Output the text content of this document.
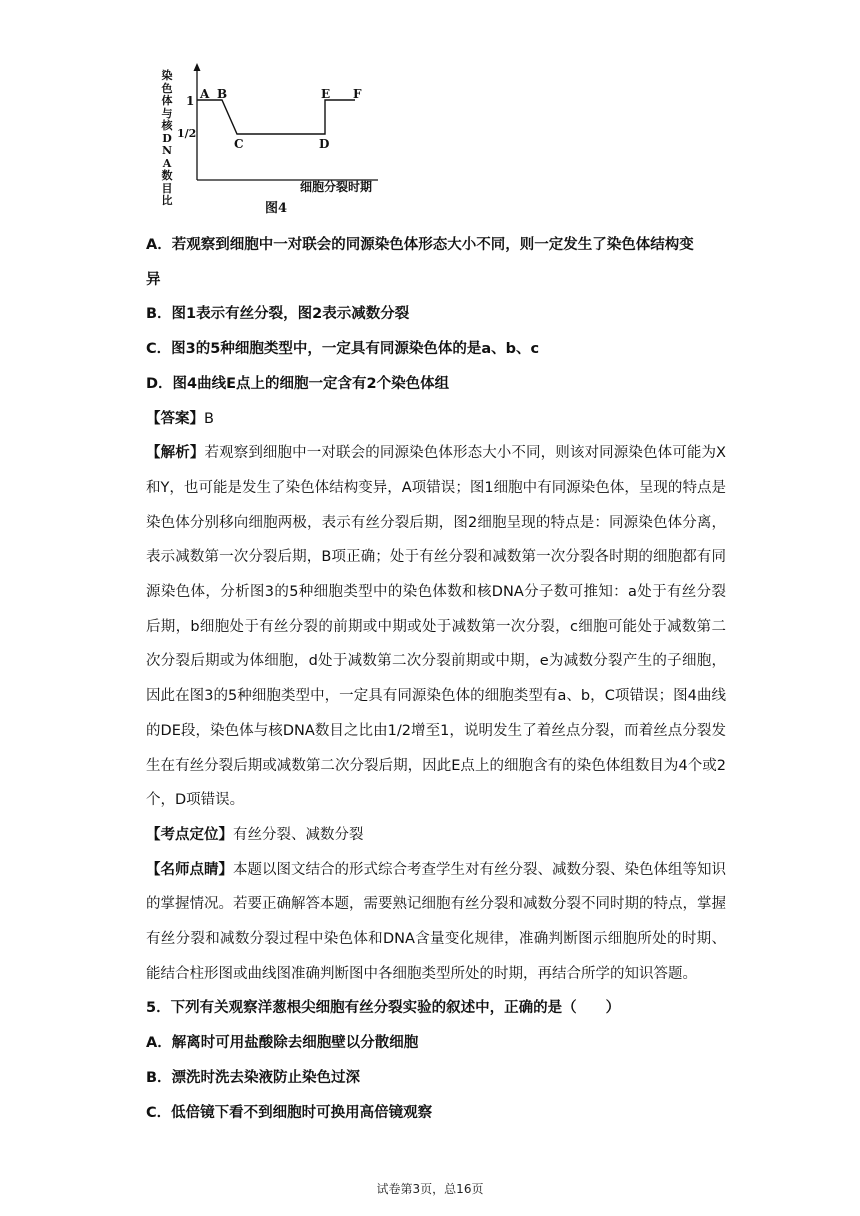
染色体与核DNA数目比
1
1/2
A B
C	D
E F
细胞分裂时期
图4
A．若观察到细胞中一对联会的同源染色体形态大小不同，则一定发生了染色体结构变
异
B．图1表示有丝分裂，图2表示减数分裂
C．图3的5种细胞类型中，一定具有同源染色体的是a、b、c
D．图4曲线E点上的细胞一定含有2个染色体组
【答案】B
【解析】若观察到细胞中一对联会的同源染色体形态大小不同，则该对同源染色体可能为X和Y，也可能是发生了染色体结构变异，A项错误；图1细胞中有同源染色体，呈现的特点是染色体分别移向细胞两极，表示有丝分裂后期，图2细胞呈现的特点是：同源染色体分离，表示减数第一次分裂后期，B项正确；处于有丝分裂和减数第一次分裂各时期的细胞都有同源染色体，分析图3的5种细胞类型中的染色体数和核DNA分子数可推知：a处于有丝分裂后期，b细胞处于有丝分裂的前期或中期或处于减数第一次分裂，c细胞可能处于减数第二次分裂后期或为体细胞，d处于减数第二次分裂前期或中期，e为减数分裂产生的子细胞，因此在图3的5种细胞类型中，一定具有同源染色体的细胞类型有a、b，C项错误；图4曲线的DE段，染色体与核DNA数目之比由1/2增至1，说明发生了着丝点分裂，而着丝点分裂发生在有丝分裂后期或减数第二次分裂后期，因此E点上的细胞含有的染色体组数目为4个或2个，D项错误。
【考点定位】有丝分裂、减数分裂
【名师点睛】本题以图文结合的形式综合考查学生对有丝分裂、减数分裂、染色体组等知识的掌握情况。若要正确解答本题，需要熟记细胞有丝分裂和减数分裂不同时期的特点，掌握有丝分裂和减数分裂过程中染色体和DNA含量变化规律，准确判断图示细胞所处的时期、能结合柱形图或曲线图准确判断图中各细胞类型所处的时期，再结合所学的知识答题。
5．下列有关观察洋葱根尖细胞有丝分裂实验的叙述中，正确的是（　　）
A．解离时可用盐酸除去细胞壁以分散细胞
B．漂洗时洗去染液防止染色过深
C．低倍镜下看不到细胞时可换用高倍镜观察
试卷第3页，总16页
